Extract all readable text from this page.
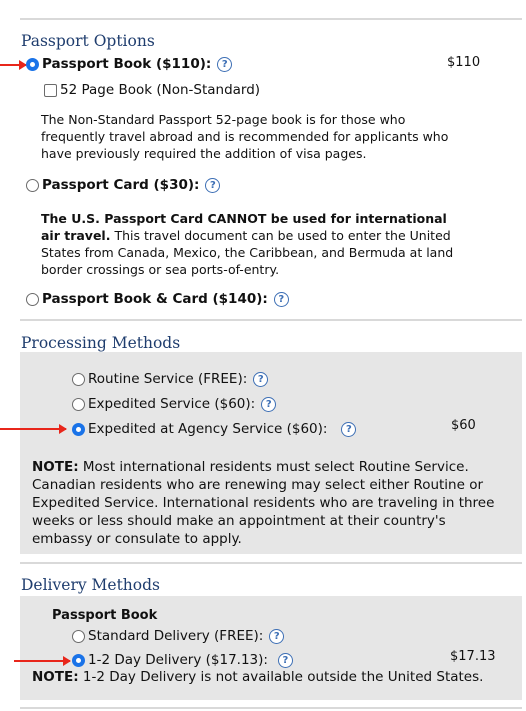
Passport Options
Passport Book ($110):	?	$110
52 Page Book (Non-Standard)
The Non-Standard Passport 52-page book is for those who frequently travel abroad and is recommended for applicants who have previously required the addition of visa pages.
Passport Card ($30):	?
The U.S. Passport Card CANNOT be used for international air travel. This travel document can be used to enter the United States from Canada, Mexico, the Caribbean, and Bermuda at land border crossings or sea ports-of-entry.
Passport Book & Card ($140):	?
Processing Methods
Routine Service (FREE):	?
Expedited Service ($60):	?
Expedited at Agency Service ($60):	?	$60
NOTE: Most international residents must select Routine Service. Canadian residents who are renewing may select either Routine or Expedited Service. International residents who are traveling in three weeks or less should make an appointment at their country's embassy or consulate to apply.
Delivery Methods
Passport Book
Standard Delivery (FREE):	?
1-2 Day Delivery ($17.13):	?	$17.13
NOTE: 1-2 Day Delivery is not available outside the United States.
